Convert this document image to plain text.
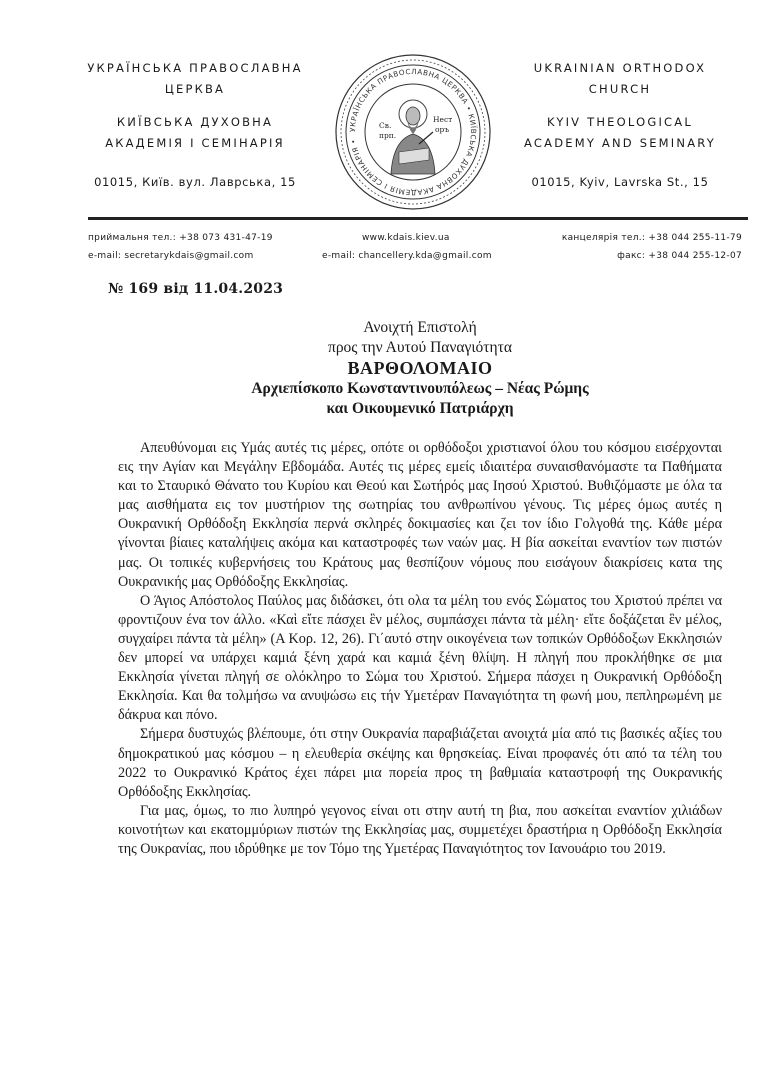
УКРАЇНСЬКА ПРАВОСЛАВНА
ЦЕРКВА
КИЇВСЬКА ДУХОВНА
АКАДЕМІЯ І СЕМІНАРІЯ
01015, Київ. вул. Лаврська, 15
УКРАЇНСЬКА ПРАВОСЛАВНА ЦЕРКВА • КИЇВСЬКА ДУХОВНА АКАДЕМІЯ І СЕМІНАРІЯ •
Св.
прп.
Нест
оръ
UKRAINIAN ORTHODOX
CHURCH
KYIV THEOLOGICAL
ACADEMY AND SEMINARY
01015, Kyiv, Lavrska St., 15
приймальня тел.: +38 073 431-47-19
e-mail: secretarykdais@gmail.com
www.kdais.kiev.ua
e-mail: chancellery.kda@gmail.com
канцелярія тел.: +38 044 255-11-79
факс: +38 044 255-12-07
№ 169 від 11.04.2023
Ανοιχτή Επιστολή
προς την Αυτού Παναγιότητα
ΒΑΡΘΟΛΟΜΑΙΟ
Αρχιεπίσκοπο Κωνσταντινουπόλεως – Νέας Ρώμης
και Οικουμενικό Πατριάρχη

Απευθύνομαι εις Υμάς αυτές τις μέρες, οπότε οι ορθόδοξοι χριστιανοί όλου του κόσμου εισέρχονται εις την Αγίαν και Μεγάλην Εβδομάδα. Αυτές τις μέρες εμείς ιδιαιτέρα συναισθανόμαστε τα Παθήματα και το Σταυρικό Θάνατο του Κυρίου και Θεού και Σωτήρός μας Ιησού Χριστού. Βυθιζόμαστε με όλα τα μας αισθήματα εις τον μυστήριον της σωτηρίας του ανθρωπίνου γένους. Τις μέρες όμως αυτές η Ουκρανική Ορθόδοξη Εκκλησία περνά σκληρές δοκιμασίες και ζει τον ίδιο Γολγοθά της. Κάθε μέρα γίνονται βίαιες καταλήψεις ακόμα και καταστροφές των ναών μας. Η βία ασκείται εναντίον των πιστών μας. Οι τοπικές κυβερνήσεις του Κράτους μας θεσπίζουν νόμους που εισάγουν διακρίσεις κατα της Ουκρανικής μας Ορθόδοξης Εκκλησίας.

Ο Άγιος Απόστολος Παύλος μας διδάσκει, ότι ολα τα μέλη του ενός Σώματος του Χριστού πρέπει να φροντιζουν ένα τον άλλο. «Καὶ εἴτε πάσχει ἓν μέλος, συμπάσχει πάντα τὰ μέλη· εἴτε δοξάζεται ἓν μέλος, συγχαίρει πάντα τὰ μέλη» (Α Κορ. 12, 26). Γι΄αυτό στην οικογένεια των τοπικών Ορθόδοξων Εκκλησιών δεν μπορεί να υπάρχει καμιά ξένη χαρά και καμιά ξένη θλίψη. Η πληγή που προκλήθηκε σε μια Εκκλησία γίνεται πληγή σε ολόκληρο το Σώμα του Χριστού. Σήμερα πάσχει η Ουκρανική Ορθόδοξη Εκκλησία. Και θα τολμήσω να ανυψώσω εις τήν Υμετέραν Παναγιότητα τη φωνή μου, πεπληρωμένη με δάκρυα και πόνο.

Σήμερα δυστυχώς βλέπουμε, ότι στην Ουκρανία παραβιάζεται ανοιχτά μία από τις βασικές αξίες του δημοκρατικού μας κόσμου – η ελευθερία σκέψης και θρησκείας. Είναι προφανές ότι από τα τέλη του 2022 το Ουκρανικό Κράτος έχει πάρει μια πορεία προς τη βαθμιαία καταστροφή της Ουκρανικής Ορθόδοξης Εκκλησίας.

Για μας, όμως, το πιο λυπηρό γεγονος είναι οτι στην αυτή τη βια, που ασκείται εναντίον χιλιάδων κοινοτήτων και εκατομμύριων πιστών της Εκκλησίας μας, συμμετέχει δραστήρια η Ορθόδοξη Εκκλησία της Ουκρανίας, που ιδρύθηκε με τον Τόμο της Υμετέρας Παναγιότητος τον Ιανουάριο του 2019.
